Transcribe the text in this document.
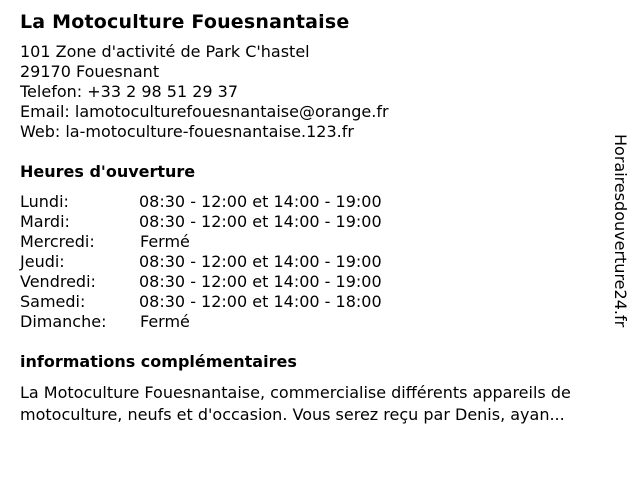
La Motoculture Fouesnantaise
101 Zone d'activité de Park C'hastel
29170 Fouesnant
Telefon: +33 2 98 51 29 37
Email: lamotoculturefouesnantaise@orange.fr
Web: la-motoculture-fouesnantaise.123.fr
Heures d'ouverture
Lundi:	08:30 - 12:00 et 14:00 - 19:00
Mardi:	08:30 - 12:00 et 14:00 - 19:00
Mercredi:	Fermé
Jeudi:	08:30 - 12:00 et 14:00 - 19:00
Vendredi:	08:30 - 12:00 et 14:00 - 19:00
Samedi:	08:30 - 12:00 et 14:00 - 18:00
Dimanche: Fermé
informations complémentaires
La Motoculture Fouesnantaise, commercialise différents appareils de motoculture, neufs et d'occasion. Vous serez reçu par Denis, ayan...
Horairesdouverture24.fr
